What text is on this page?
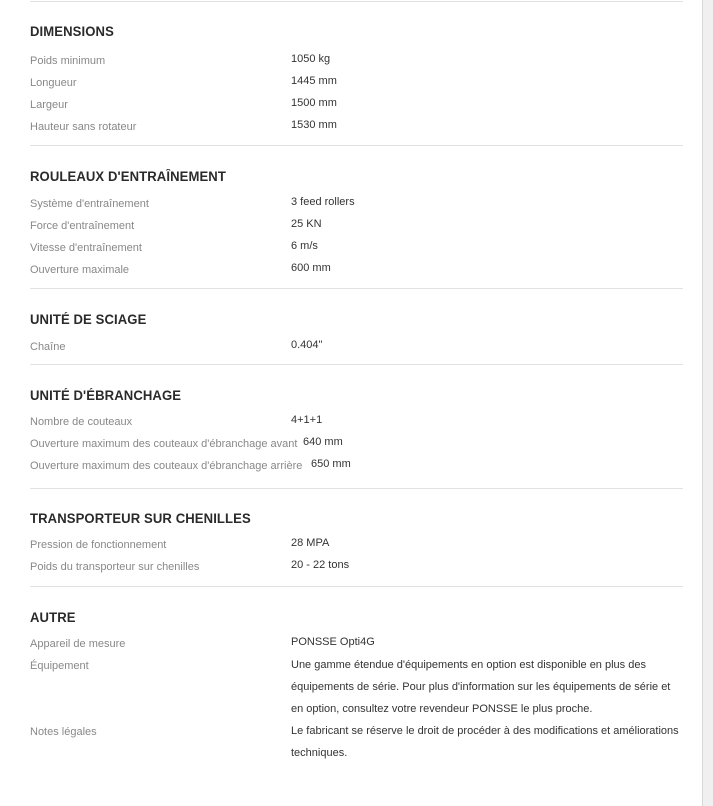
DIMENSIONS
Poids minimum	1050 kg
Longueur	1445 mm
Largeur	1500 mm
Hauteur sans rotateur	1530 mm
ROULEAUX D'ENTRAÎNEMENT
Système d'entraînement	3 feed rollers
Force d'entraînement	25 KN
Vitesse d'entraînement	6 m/s
Ouverture maximale	600 mm
UNITÉ DE SCIAGE
Chaîne	0.404"
UNITÉ D'ÉBRANCHAGE
Nombre de couteaux	4+1+1
Ouverture maximum des couteaux d'ébranchage avant 640 mm
Ouverture maximum des couteaux d'ébranchage arrière 650 mm
TRANSPORTEUR SUR CHENILLES
Pression de fonctionnement	28 MPA
Poids du transporteur sur chenilles	20 - 22 tons
AUTRE
Appareil de mesure	PONSSE Opti4G
Équipement	Une gamme étendue d'équipements en option est disponible en plus des équipements de série. Pour plus d'information sur les équipements de série et en option, consultez votre revendeur PONSSE le plus proche.
Notes légales	Le fabricant se réserve le droit de procéder à des modifications et améliorations techniques.
